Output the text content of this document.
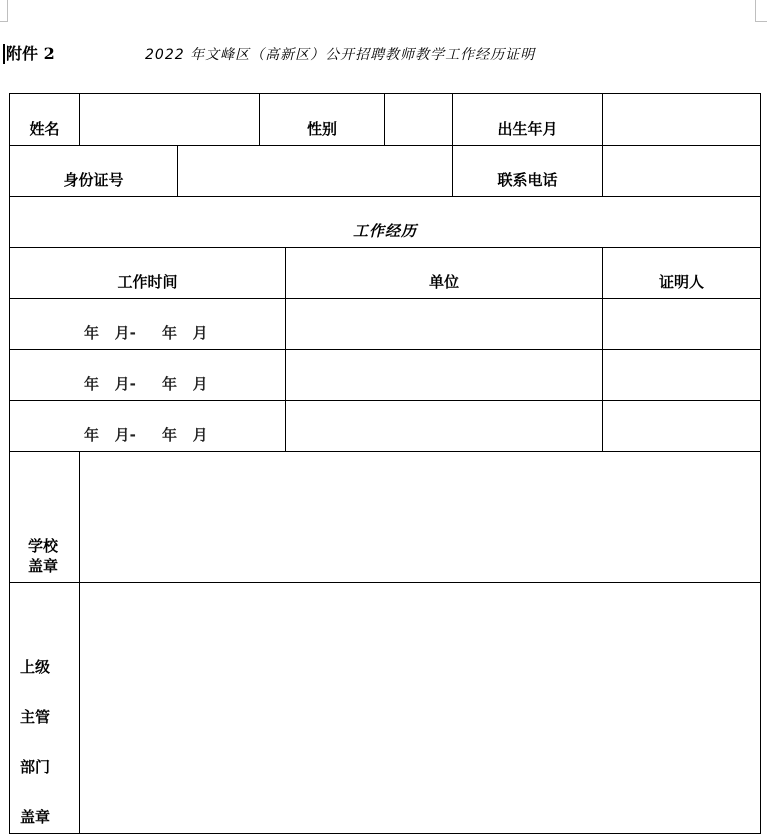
附件 2	2022 年文峰区（高新区）公开招聘教师教学工作经历证明
姓名			性别			出生年月	
身份证号						联系电话	
工作经历							
工作时间				单位			证明人
年   月-     年   月							
年   月-     年   月							
年   月-     年   月							

学校
盖章							

上级
主管
部门
盖章							
